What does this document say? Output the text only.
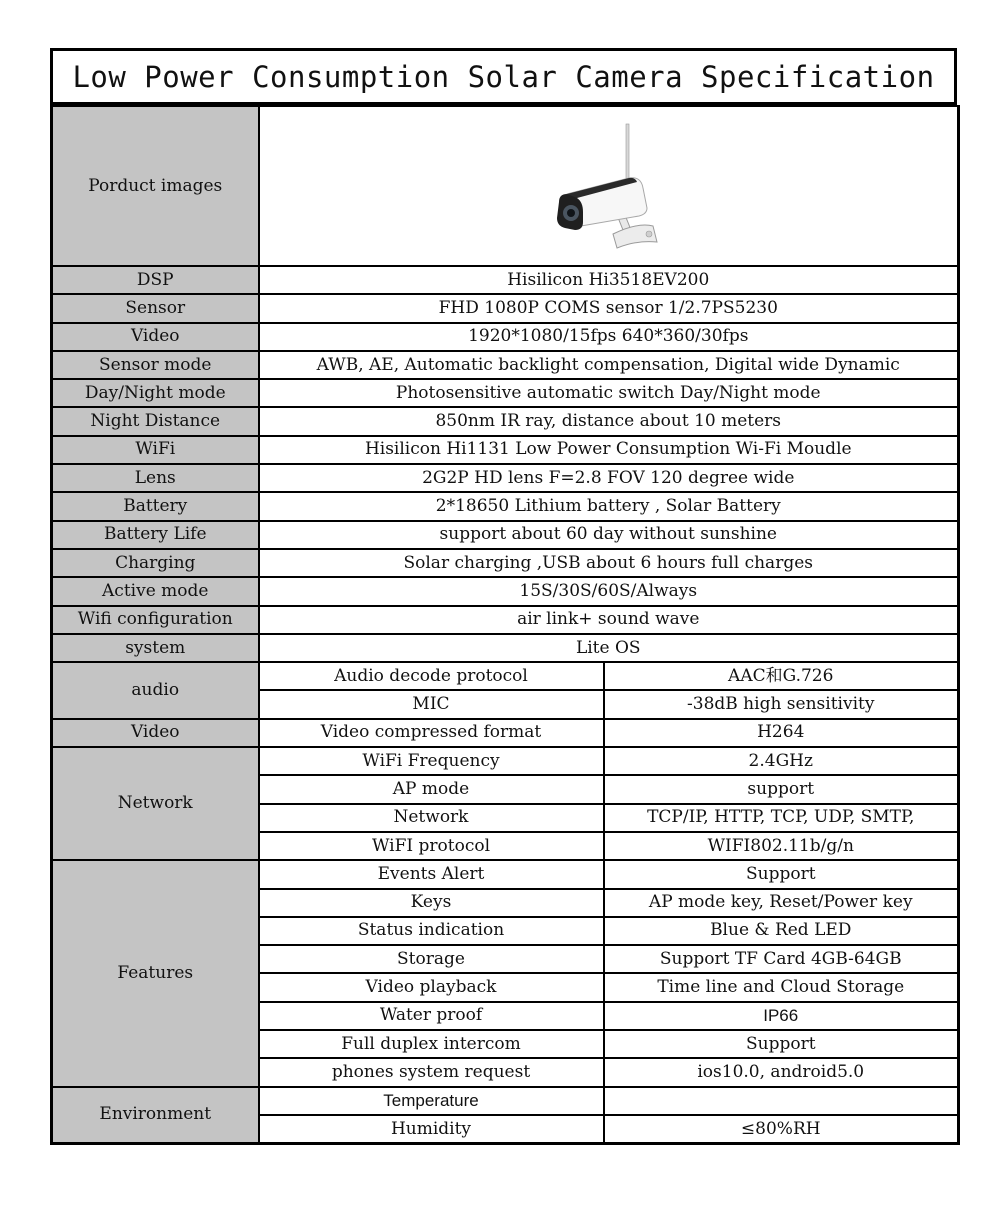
Low Power Consumption Solar Camera Specification
Porduct images	

DSP	Hisilicon Hi3518EV200	
Sensor	FHD 1080P COMS sensor 1/2.7PS5230	
Video	1920*1080/15fps 640*360/30fps	
Sensor mode	AWB, AE, Automatic backlight compensation, Digital wide Dynamic	
Day/Night mode	Photosensitive automatic switch Day/Night mode	
Night Distance	850nm IR ray, distance about 10 meters	
WiFi	Hisilicon Hi1131 Low Power Consumption Wi-Fi Moudle	
Lens	2G2P HD lens F=2.8 FOV 120 degree wide	
Battery	2*18650 Lithium battery , Solar Battery	
Battery Life	support about 60 day without sunshine	
Charging	Solar charging ,USB about 6 hours full charges	
Active mode	15S/30S/60S/Always	
Wifi configuration	air link+ sound wave	
system	Lite OS	
audio	Audio decode protocol	AAC和G.726
	MIC	-38dB high sensitivity
Video	Video compressed format	H264
Network	WiFi Frequency	2.4GHz
	AP mode	support
	Network	TCP/IP, HTTP, TCP, UDP, SMTP,
	WiFI protocol	WIFI802.11b/g/n
Features	Events Alert	Support
	Keys	AP mode key, Reset/Power key
	Status indication	Blue & Red LED
	Storage	Support TF Card 4GB-64GB
	Video playback	Time line and Cloud Storage
	Water proof	IP66
	Full duplex intercom	Support
	phones system request	ios10.0, android5.0
Environment	Temperature	
	Humidity	≤80%RH
